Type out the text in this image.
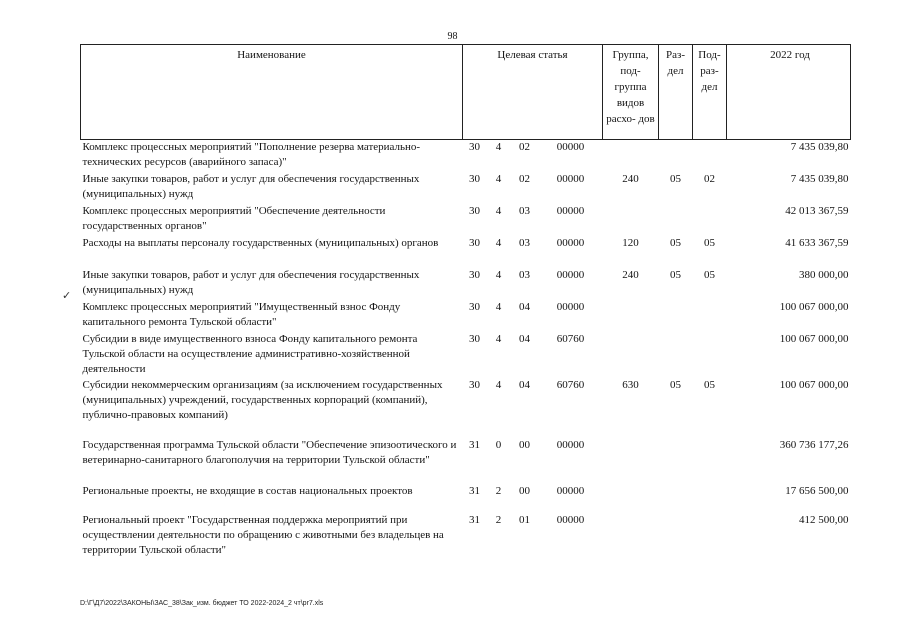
98
Наименование	Целевая статья				Группа, под- группа видов расхо- дов	Раз- дел	Под- раз- дел	2022 год
Комплекс процессных мероприятий "Пополнение резерва материально-технических ресурсов (аварийного запаса)"	30	4	02	00000				7 435 039,80
Иные закупки товаров, работ и услуг для обеспечения государственных (муниципальных) нужд	30	4	02	00000	240	05	02	7 435 039,80
Комплекс процессных мероприятий "Обеспечение деятельности государственных органов"	30	4	03	00000				42 013 367,59
Расходы на выплаты персоналу государственных (муниципальных) органов	30	4	03	00000	120	05	05	41 633 367,59
Иные закупки товаров, работ и услуг для обеспечения государственных (муниципальных) нужд	30	4	03	00000	240	05	05	380 000,00
Комплекс процессных мероприятий "Имущественный взнос Фонду капитального ремонта Тульской области"	30	4	04	00000				100 067 000,00
Субсидии в виде имущественного взноса Фонду капитального ремонта Тульской области на осуществление административно-хозяйственной деятельности	30	4	04	60760				100 067 000,00
Субсидии некоммерческим организациям (за исключением государственных (муниципальных) учреждений, государственных корпораций (компаний), публично-правовых компаний)	30	4	04	60760	630	05	05	100 067 000,00

Государственная программа Тульской области "Обеспечение эпизоотического и ветеринарно-санитарного благополучия на территории Тульской области"	31	0	00	00000				360 736 177,26
Региональные проекты, не входящие в состав национальных проектов	31	2	00	00000				17 656 500,00

Региональный проект "Государственная поддержка мероприятий при осуществлении деятельности по обращению с животными без владельцев на территории Тульской области"	31	2	01	00000				412 500,00
✓
D:\Г\Д7\2022\ЗАКОНЫ\ЗАС_38\Зак_изм. бюджет ТО 2022-2024_2 чт\pr7.xls
